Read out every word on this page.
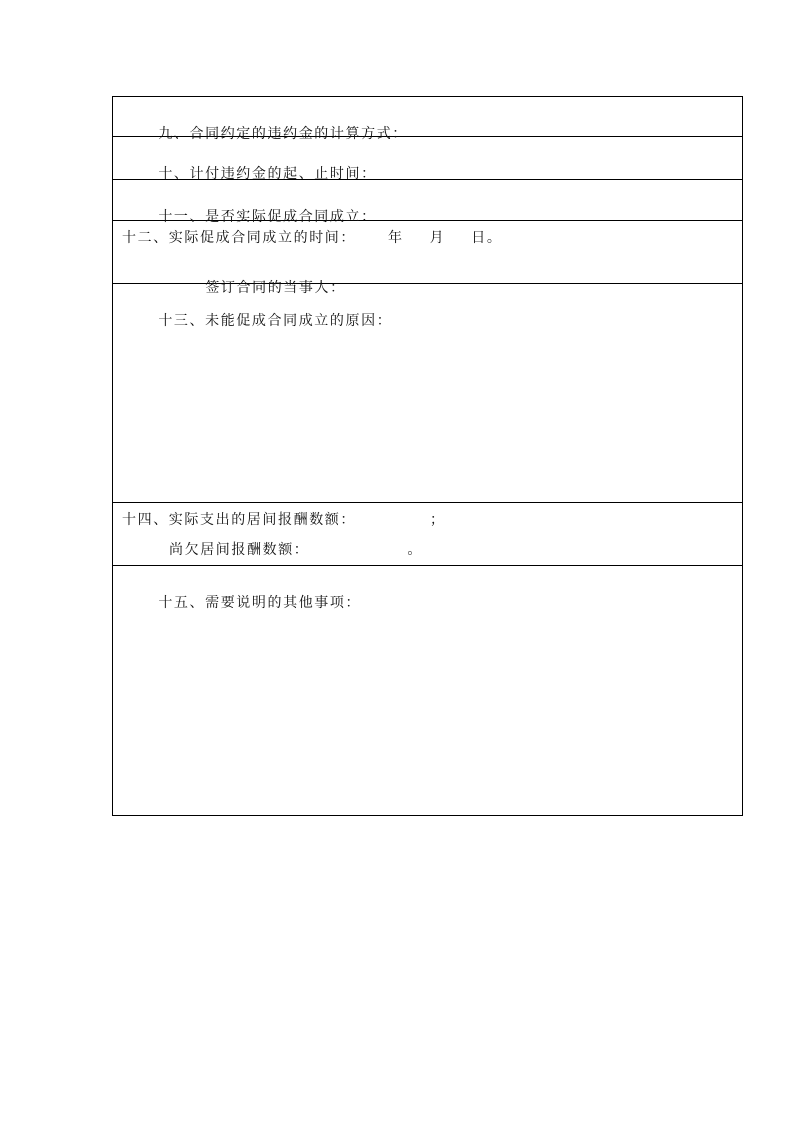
九、合同约定的违约金的计算方式：

十、计付违约金的起、止时间：

十一、是否实际促成合同成立：

十二、实际促成合同成立的时间： 年 月 日。

签订合同的当事人：

十三、未能促成合同成立的原因：

十四、实际支出的居间报酬数额：	；
尚欠居间报酬数额：	。

十五、需要说明的其他事项：
